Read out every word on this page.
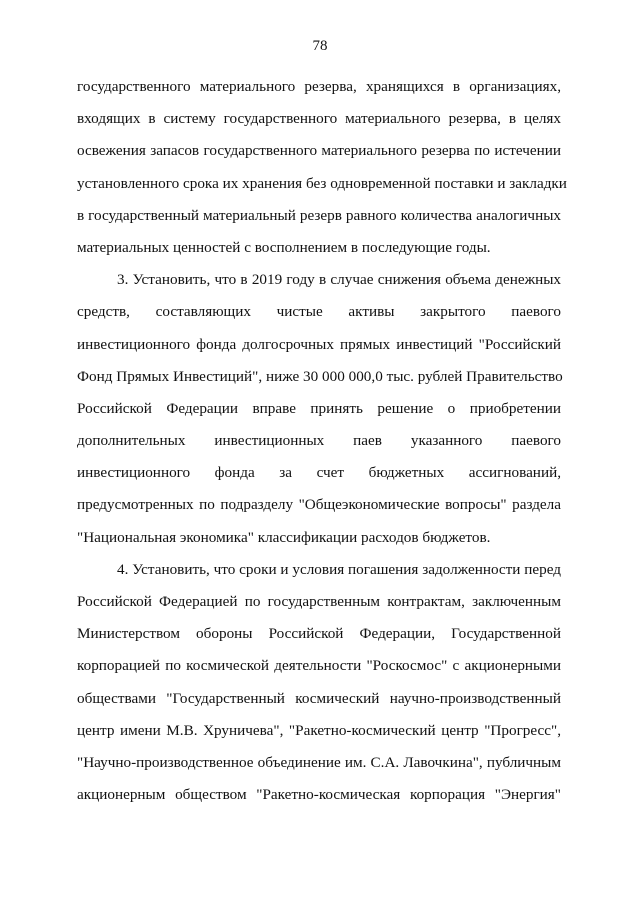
78
государственного материального резерва, хранящихся в организациях,
входящих в систему государственного материального резерва, в целях
освежения запасов государственного материального резерва по истечении
установленного срока их хранения без одновременной поставки и закладки
в государственный материальный резерв равного количества аналогичных
материальных ценностей с восполнением в последующие годы.
3. Установить, что в 2019 году в случае снижения объема денежных
средств, составляющих чистые активы закрытого паевого
инвестиционного фонда долгосрочных прямых инвестиций "Российский
Фонд Прямых Инвестиций", ниже 30 000 000,0 тыс. рублей Правительство
Российской Федерации вправе принять решение о приобретении
дополнительных инвестиционных паев указанного паевого
инвестиционного фонда за счет бюджетных ассигнований,
предусмотренных по подразделу "Общеэкономические вопросы" раздела
"Национальная экономика" классификации расходов бюджетов.
4. Установить, что сроки и условия погашения задолженности перед
Российской Федерацией по государственным контрактам, заключенным
Министерством обороны Российской Федерации, Государственной
корпорацией по космической деятельности "Роскосмос" с акционерными
обществами "Государственный космический научно-производственный
центр имени М.В. Хруничева", "Ракетно-космический центр "Прогресс",
"Научно-производственное объединение им. С.А. Лавочкина", публичным
акционерным обществом "Ракетно-космическая корпорация "Энергия"
